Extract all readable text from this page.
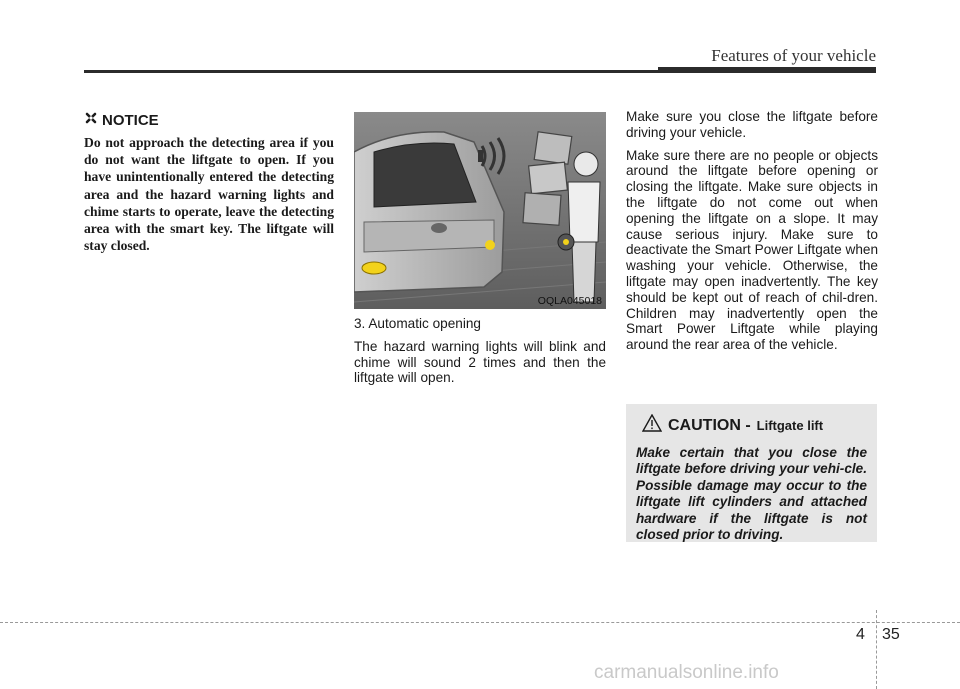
Features of your vehicle
NOTICE

Do not approach the detecting area if you do not want the liftgate to open. If you have unintentionally entered the detecting area and the hazard warning lights and chime starts to operate, leave the detecting area with the smart key. The liftgate will stay closed.

OQLA045018

3. Automatic opening

The hazard warning lights will blink and chime will sound 2 times and then the liftgate will open.

Make sure you close the liftgate before driving your vehicle.

Make sure there are no people or objects around the liftgate before opening or closing the liftgate. Make sure objects in the liftgate do not come out when opening the liftgate on a slope. It may cause serious injury. Make sure to deactivate the Smart Power Liftgate when washing your vehicle. Otherwise, the liftgate may open inadvertently. The key should be kept out of reach of chil-dren. Children may inadvertently open the Smart Power Liftgate while playing around the rear area of the vehicle.

CAUTION - Liftgate lift

Make certain that you close the liftgate before driving your vehi-cle. Possible damage may occur to the liftgate lift cylinders and attached hardware if the liftgate is not closed prior to driving.

4 35
carmanualsonline.info
